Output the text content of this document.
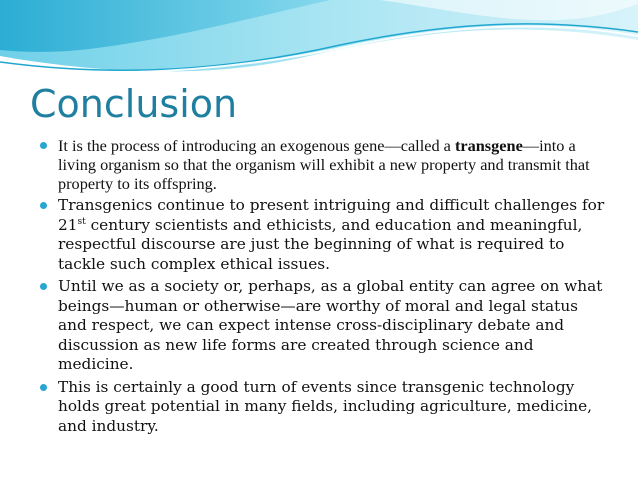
Conclusion
It is the process of introducing an exogenous gene—called a transgene—into a living organism so that the organism will exhibit a new property and transmit that property to its offspring.
Transgenics continue to present intriguing and difficult challenges for 21st century scientists and ethicists, and education and meaningful, respectful discourse are just the beginning of what is required to tackle such complex ethical issues.
Until we as a society or, perhaps, as a global entity can agree on what beings—human or otherwise—are worthy of moral and legal status and respect, we can expect intense cross-disciplinary debate and discussion as new life forms are created through science and medicine.
This is certainly a good turn of events since transgenic technology holds great potential in many fields, including agriculture, medicine, and industry.
